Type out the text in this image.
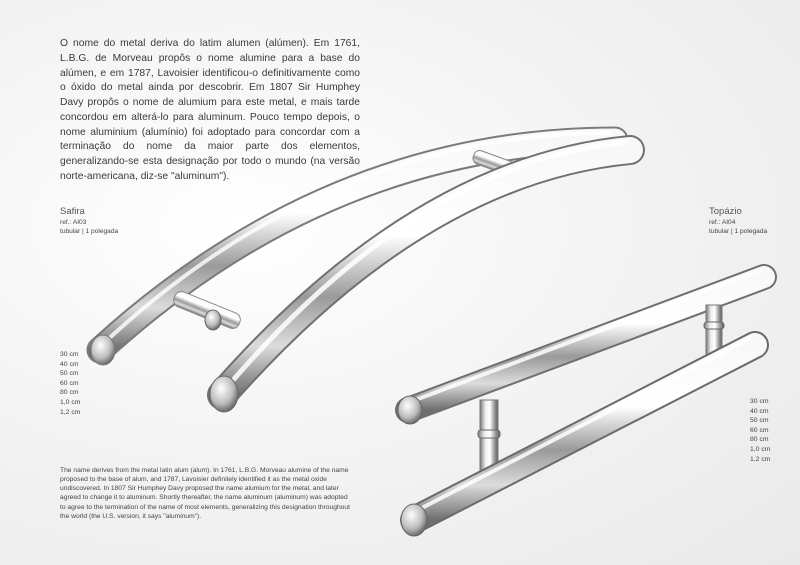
O nome do metal deriva do latim alumen (alúmen). Em 1761, L.B.G. de Morveau propôs o nome alumine para a base do alúmen, e em 1787, Lavoisier identificou-o definitivamente como o óxido do metal ainda por descobrir. Em 1807 Sir Humphey Davy propôs o nome de alumium para este metal, e mais tarde concordou em alterá-lo para aluminum. Pouco tempo depois, o nome aluminium (alumínio) foi adoptado para concordar com a terminação do nome da maior parte dos elementos, generalizando-se esta designação por todo o mundo (na versão norte-americana, diz-se "aluminum").

Safira
ref.: AI03
tubular | 1 polegada
30 cm
40 cm
50 cm
60 cm
80 cm
1,0 cm
1,2 cm
Topázio
ref.: AI04
tubular | 1 polegada
30 cm
40 cm
50 cm
60 cm
80 cm
1,0 cm
1,2 cm

The name derives from the metal latin alum (alum). In 1761, L.B.G. Morveau alumine of the name proposed to the base of alum, and 1787, Lavoisier definitely identified it as the metal oxide undiscovered. In 1807 Sir Humphey Davy proposed the name alumium for the metal, and later agreed to change it to aluminum. Shortly thereafter, the name aluminum (aluminum) was adopted to agree to the termination of the name of most elements, generalizing this designation throughout the world (the U.S. version, it says "aluminum").
